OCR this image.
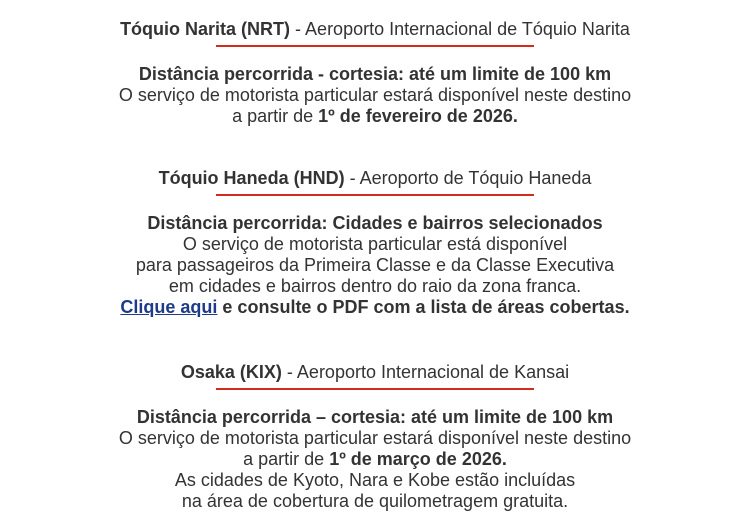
Tóquio Narita (NRT) - Aeroporto Internacional de Tóquio Narita
Distância percorrida - cortesia: até um limite de 100 km
O serviço de motorista particular estará disponível neste destino
a partir de 1º de fevereiro de 2026.
Tóquio Haneda (HND) - Aeroporto de Tóquio Haneda
Distância percorrida: Cidades e bairros selecionados
O serviço de motorista particular está disponível
para passageiros da Primeira Classe e da Classe Executiva
em cidades e bairros dentro do raio da zona franca.
Clique aqui e consulte o PDF com a lista de áreas cobertas.
Osaka (KIX) - Aeroporto Internacional de Kansai
Distância percorrida – cortesia: até um limite de 100 km
O serviço de motorista particular estará disponível neste destino
a partir de 1º de março de 2026.
As cidades de Kyoto, Nara e Kobe estão incluídas
na área de cobertura de quilometragem gratuita.
